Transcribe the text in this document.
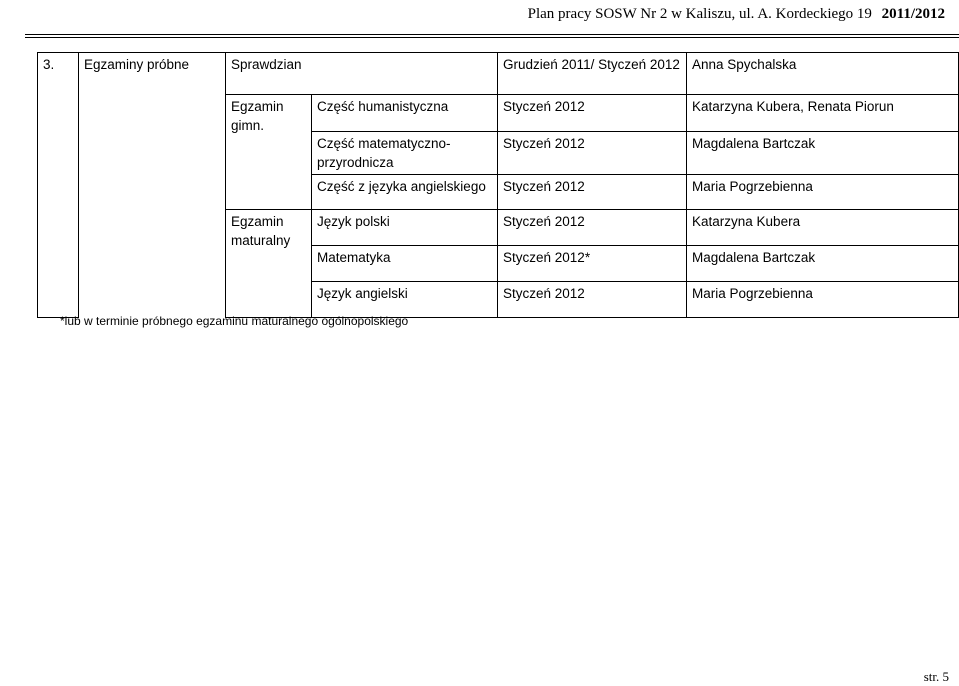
Plan pracy SOSW Nr 2 w Kaliszu, ul. A. Kordeckiego 19 2011/2012
3.	Egzaminy próbne	Sprawdzian		Grudzień 2011/ Styczeń 2012	Anna Spychalska
		Egzamin gimn.	Część humanistyczna	Styczeń 2012	Katarzyna Kubera, Renata Piorun
			Część matematyczno-przyrodnicza	Styczeń 2012	Magdalena Bartczak
			Część z języka angielskiego	Styczeń 2012	Maria Pogrzebienna
		Egzamin maturalny	Język polski	Styczeń 2012	Katarzyna Kubera
			Matematyka	Styczeń 2012*	Magdalena Bartczak
			Język angielski	Styczeń 2012	Maria Pogrzebienna
*lub w terminie próbnego egzaminu maturalnego ogólnopolskiego
str. 5
